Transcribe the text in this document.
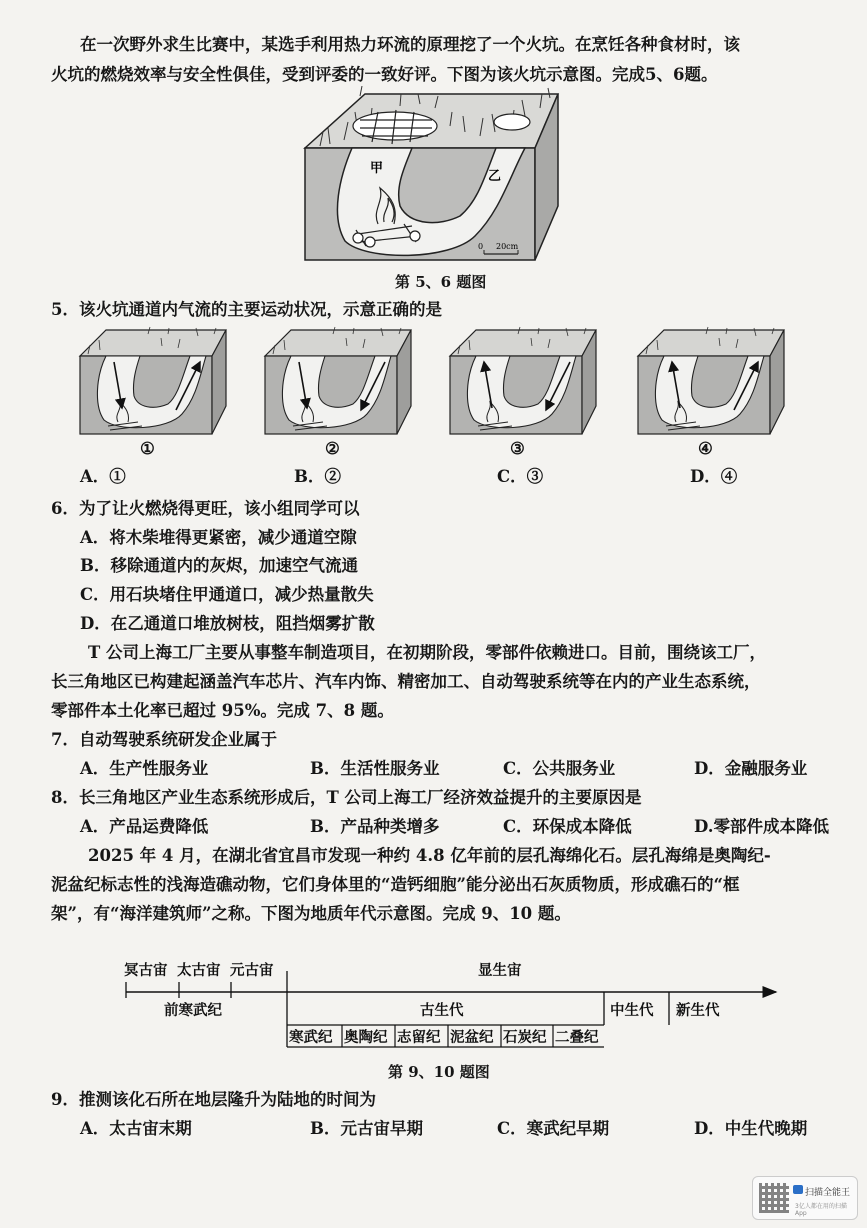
在一次野外求生比赛中，某选手利用热力环流的原理挖了一个火坑。在烹饪各种食材时，该
火坑的燃烧效率与安全性俱佳，受到评委的一致好评。下图为该火坑示意图。完成5、6题。
甲
乙
0 20cm
第 5、6 题图
5．该火坑通道内气流的主要运动状况，示意正确的是
①	②	③	④
A．①	B．②	C．③	D．④
6．为了让火燃烧得更旺，该小组同学可以
A．将木柴堆得更紧密，减少通道空隙
B．移除通道内的灰烬，加速空气流通
C．用石块堵住甲通道口，减少热量散失
D．在乙通道口堆放树枝，阻挡烟雾扩散
T 公司上海工厂主要从事整车制造项目，在初期阶段，零部件依赖进口。目前，围绕该工厂，
长三角地区已构建起涵盖汽车芯片、汽车内饰、精密加工、自动驾驶系统等在内的产业生态系统，
零部件本土化率已超过 95%。完成 7、8 题。
7．自动驾驶系统研发企业属于
A．生产性服务业	B．生活性服务业	C．公共服务业	D．金融服务业
8．长三角地区产业生态系统形成后，T 公司上海工厂经济效益提升的主要原因是
A．产品运费降低	B．产品种类增多	C．环保成本降低	D.零部件成本降低
2025 年 4 月，在湖北省宜昌市发现一种约 4.8 亿年前的层孔海绵化石。层孔海绵是奥陶纪-
泥盆纪标志性的浅海造礁动物，它们身体里的“造钙细胞”能分泌出石灰质物质，形成礁石的“框
架”，有“海洋建筑师”之称。下图为地质年代示意图。完成 9、10 题。
冥古宙 太古宙 元古宙	显生宙
前寒武纪	古生代	中生代 新生代
寒武纪 奥陶纪 志留纪 泥盆纪 石炭纪 二叠纪
第 9、10 题图
9．推测该化石所在地层隆升为陆地的时间为
A．太古宙末期	B．元古宙早期	C．寒武纪早期	D．中生代晚期
扫描全能王
3亿人都在用的扫描App
